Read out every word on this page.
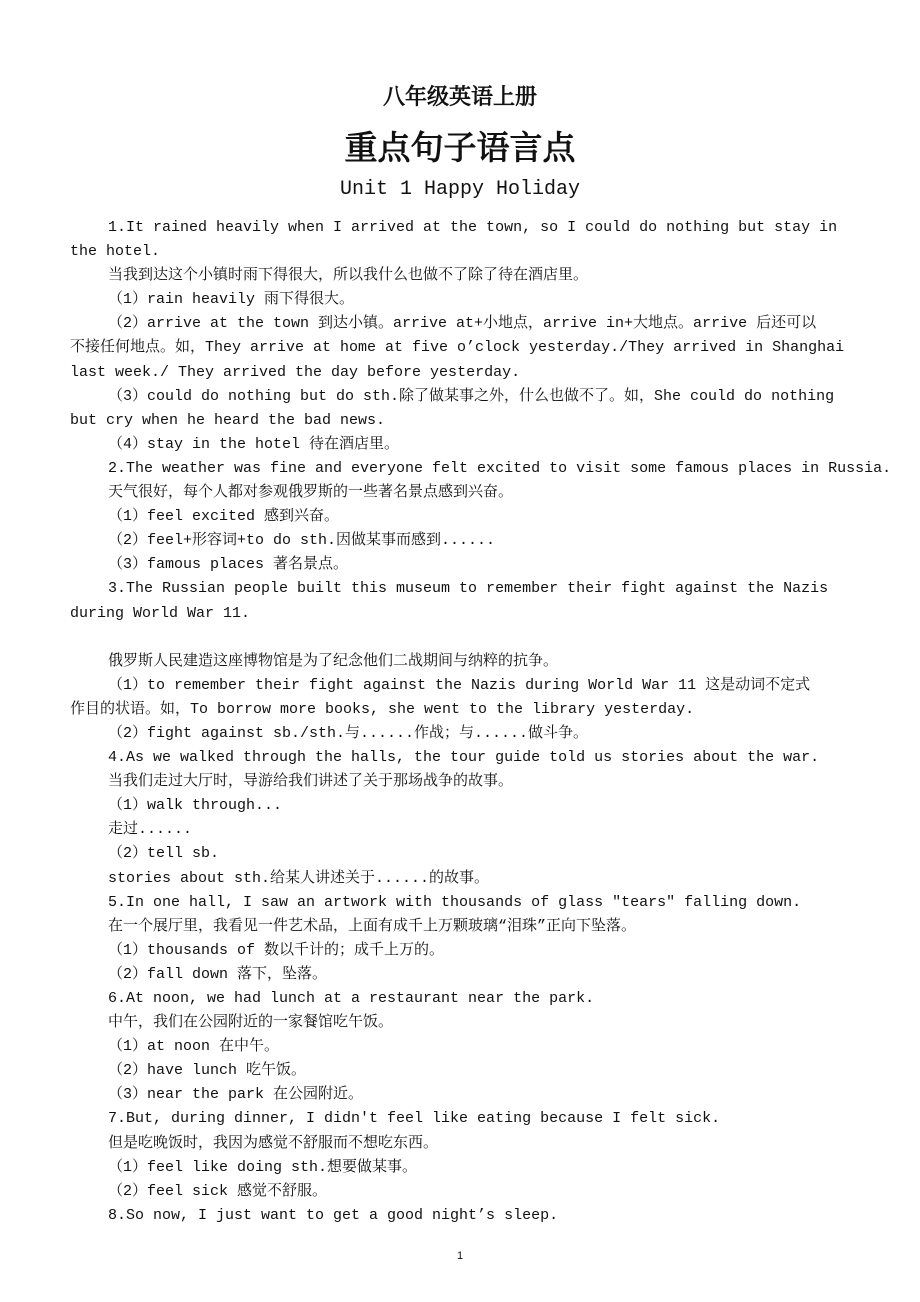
八年级英语上册
重点句子语言点
Unit 1 Happy Holiday
1.It rained heavily when I arrived at the town, so I could do nothing but stay in
the hotel.
当我到达这个小镇时雨下得很大，所以我什么也做不了除了待在酒店里。
（1）rain heavily 雨下得很大。
（2）arrive at the town 到达小镇。arrive at+小地点，arrive in+大地点。arrive 后还可以
不接任何地点。如，They arrive at home at five o’clock yesterday./They arrived in Shanghai
last week./ They arrived the day before yesterday.
（3）could do nothing but do sth.除了做某事之外，什么也做不了。如，She could do nothing
but cry when he heard the bad news.
（4）stay in the hotel 待在酒店里。
2.The weather was fine and everyone felt excited to visit some famous places in Russia.
天气很好，每个人都对参观俄罗斯的一些著名景点感到兴奋。
（1）feel excited 感到兴奋。
（2）feel+形容词+to do sth.因做某事而感到......
（3）famous places 著名景点。
3.The Russian people built this museum to remember their fight against the Nazis
during World War 11.
俄罗斯人民建造这座博物馆是为了纪念他们二战期间与纳粹的抗争。
（1）to remember their fight against the Nazis during World War 11 这是动词不定式
作目的状语。如，To borrow more books, she went to the library yesterday.
（2）fight against sb./sth.与......作战；与......做斗争。
4.As we walked through the halls, the tour guide told us stories about the war.
当我们走过大厅时，导游给我们讲述了关于那场战争的故事。
（1）walk through...
走过......
（2）tell sb.
stories about sth.给某人讲述关于......的故事。
5.In one hall, I saw an artwork with thousands of glass "tears" falling down.
在一个展厅里，我看见一件艺术品，上面有成千上万颗玻璃“泪珠”正向下坠落。
（1）thousands of 数以千计的；成千上万的。
（2）fall down 落下，坠落。
6.At noon, we had lunch at a restaurant near the park.
中午，我们在公园附近的一家餐馆吃午饭。
（1）at noon 在中午。
（2）have lunch 吃午饭。
（3）near the park 在公园附近。
7.But, during dinner, I didn't feel like eating because I felt sick.
但是吃晚饭时，我因为感觉不舒服而不想吃东西。
（1）feel like doing sth.想要做某事。
（2）feel sick 感觉不舒服。
8.So now, I just want to get a good night’s sleep.
1
